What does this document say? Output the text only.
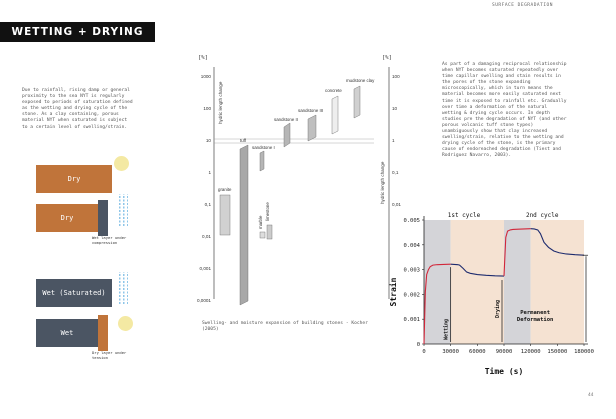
SURFACE DEGRADATION
WETTING + DRYING
Due to rainfall, rising damp or general proximity to the sea NYT is regularly exposed to periods of saturation defined as the wetting and drying cycle of the stone. As a clay containing, porous material NYT when saturated is subject to a certain level of swelling/strain.
As part of a damaging reciprocal relationship when NYT becomes saturated repeatedly over time capillar swelling and stain results in the pores of the stone expanding microscopically, which in turn means the material becomes more easily saturated next time it is exposed to rainfall etc. Gradually over time a deformation of the natural wetting & drying cycle occurs. In depth studies pre the degradation of NYT (and other porous volcanic tuff stone types) unambiguously show that clay increased swelling/strain, relative to the wetting and drying cycle of the stone, is the primary cause of endoreached degradation (Tiest and Rodriguez Navarro, 2003).
44
Dry
Dry
Wet layer under compression
Wet (Saturated)
Wet
Dry layer under tension
[%]	[%]
1000
100
10
1
0,1
0,01
0,001
0,0001
100
10
1
0,1
0,01
hydric length change
hydric length change
granite
tuff
marble
limestone
sandstone I
sandstone II
sandstone III
concrete
mudstone clay
Swelling- and moisture expansion of building stones - Kocher (2005)
0
0.001
0.002
0.003
0.004
0.005
0	30000 60000 90000 120000 150000 180000
1st cycle	2nd cycle
Wetting
Drying	Permanent
Deformation
Time (s)
Strain
